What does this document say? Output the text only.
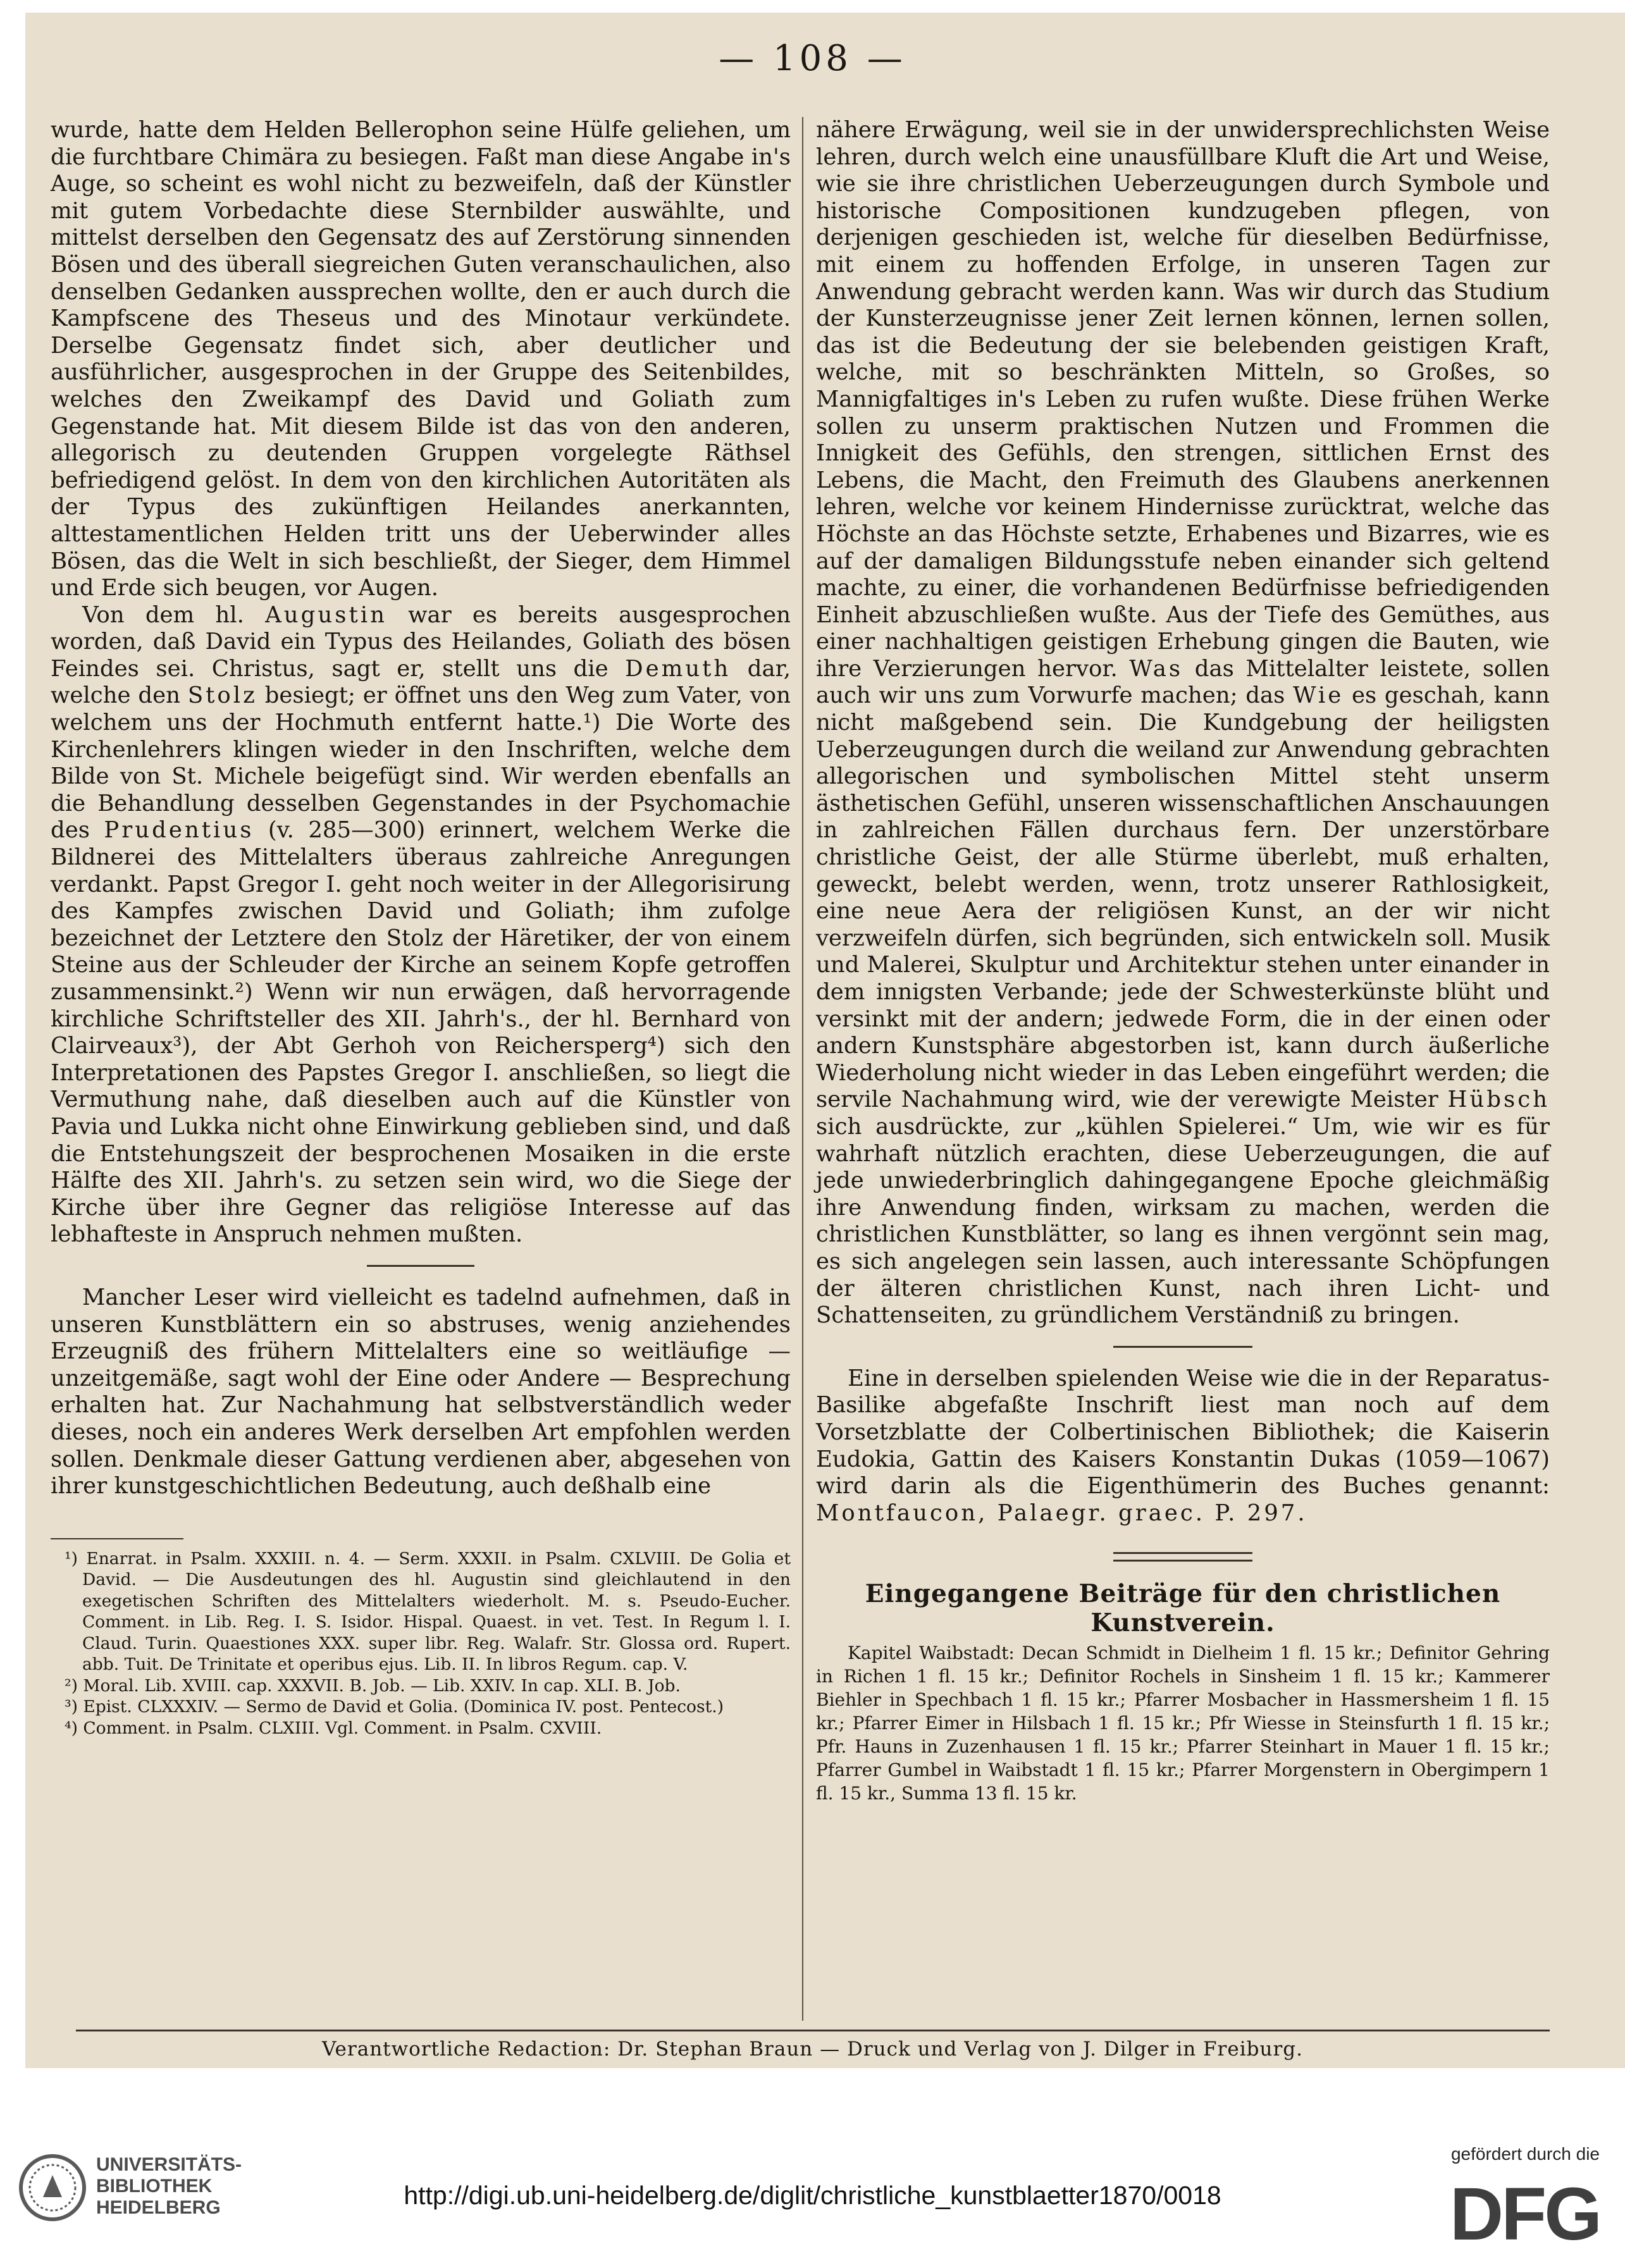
— 108 —

wurde, hatte dem Helden Bellerophon seine Hülfe geliehen, um die furchtbare Chimära zu besiegen. Faßt man diese Angabe in's Auge, so scheint es wohl nicht zu bezweifeln, daß der Künstler mit gutem Vorbedachte diese Sternbilder auswählte, und mittelst derselben den Gegensatz des auf Zerstörung sinnenden Bösen und des überall siegreichen Guten veranschaulichen, also denselben Gedanken aussprechen wollte, den er auch durch die Kampfscene des Theseus und des Minotaur verkündete. Derselbe Gegensatz findet sich, aber deutlicher und ausführlicher, ausgesprochen in der Gruppe des Seitenbildes, welches den Zweikampf des David und Goliath zum Gegenstande hat. Mit diesem Bilde ist das von den anderen, allegorisch zu deutenden Gruppen vorgelegte Räthsel befriedigend gelöst. In dem von den kirchlichen Autoritäten als der Typus des zukünftigen Heilandes anerkannten, alttestamentlichen Helden tritt uns der Ueberwinder alles Bösen, das die Welt in sich beschließt, der Sieger, dem Himmel und Erde sich beugen, vor Augen.

Von dem hl. Augustin war es bereits ausgesprochen worden, daß David ein Typus des Heilandes, Goliath des bösen Feindes sei. Christus, sagt er, stellt uns die Demuth dar, welche den Stolz besiegt; er öffnet uns den Weg zum Vater, von welchem uns der Hochmuth entfernt hatte.¹) Die Worte des Kirchenlehrers klingen wieder in den Inschriften, welche dem Bilde von St. Michele beigefügt sind. Wir werden ebenfalls an die Behandlung desselben Gegenstandes in der Psychomachie des Prudentius (v. 285—300) erinnert, welchem Werke die Bildnerei des Mittelalters überaus zahlreiche Anregungen verdankt. Papst Gregor I. geht noch weiter in der Allegorisirung des Kampfes zwischen David und Goliath; ihm zufolge bezeichnet der Letztere den Stolz der Häretiker, der von einem Steine aus der Schleuder der Kirche an seinem Kopfe getroffen zusammensinkt.²) Wenn wir nun erwägen, daß hervorragende kirchliche Schriftsteller des XII. Jahrh's., der hl. Bernhard von Clairveaux³), der Abt Gerhoh von Reichersperg⁴) sich den Interpretationen des Papstes Gregor I. anschließen, so liegt die Vermuthung nahe, daß dieselben auch auf die Künstler von Pavia und Lukka nicht ohne Einwirkung geblieben sind, und daß die Entstehungszeit der besprochenen Mosaiken in die erste Hälfte des XII. Jahrh's. zu setzen sein wird, wo die Siege der Kirche über ihre Gegner das religiöse Interesse auf das lebhafteste in Anspruch nehmen mußten.

Mancher Leser wird vielleicht es tadelnd aufnehmen, daß in unseren Kunstblättern ein so abstruses, wenig anziehendes Erzeugniß des frühern Mittelalters eine so weitläufige — unzeitgemäße, sagt wohl der Eine oder Andere — Besprechung erhalten hat. Zur Nachahmung hat selbstverständlich weder dieses, noch ein anderes Werk derselben Art empfohlen werden sollen. Denkmale dieser Gattung verdienen aber, abgesehen von ihrer kunstgeschichtlichen Bedeutung, auch deßhalb eine

¹) Enarrat. in Psalm. XXXIII. n. 4. — Serm. XXXII. in Psalm. CXLVIII. De Golia et David. — Die Ausdeutungen des hl. Augustin sind gleichlautend in den exegetischen Schriften des Mittelalters wiederholt. M. s. Pseudo-Eucher. Comment. in Lib. Reg. I. S. Isidor. Hispal. Quaest. in vet. Test. In Regum l. I. Claud. Turin. Quaestiones XXX. super libr. Reg. Walafr. Str. Glossa ord. Rupert. abb. Tuit. De Trinitate et operibus ejus. Lib. II. In libros Regum. cap. V.

²) Moral. Lib. XVIII. cap. XXXVII. B. Job. — Lib. XXIV. In cap. XLI. B. Job.

³) Epist. CLXXXIV. — Sermo de David et Golia. (Dominica IV. post. Pentecost.)

⁴) Comment. in Psalm. CLXIII. Vgl. Comment. in Psalm. CXVIII.

nähere Erwägung, weil sie in der unwidersprechlichsten Weise lehren, durch welch eine unausfüllbare Kluft die Art und Weise, wie sie ihre christlichen Ueberzeugungen durch Symbole und historische Compositionen kundzugeben pflegen, von derjenigen geschieden ist, welche für dieselben Bedürfnisse, mit einem zu hoffenden Erfolge, in unseren Tagen zur Anwendung gebracht werden kann. Was wir durch das Studium der Kunsterzeugnisse jener Zeit lernen können, lernen sollen, das ist die Bedeutung der sie belebenden geistigen Kraft, welche, mit so beschränkten Mitteln, so Großes, so Mannigfaltiges in's Leben zu rufen wußte. Diese frühen Werke sollen zu unserm praktischen Nutzen und Frommen die Innigkeit des Gefühls, den strengen, sittlichen Ernst des Lebens, die Macht, den Freimuth des Glaubens anerkennen lehren, welche vor keinem Hindernisse zurücktrat, welche das Höchste an das Höchste setzte, Erhabenes und Bizarres, wie es auf der damaligen Bildungsstufe neben einander sich geltend machte, zu einer, die vorhandenen Bedürfnisse befriedigenden Einheit abzuschließen wußte. Aus der Tiefe des Gemüthes, aus einer nachhaltigen geistigen Erhebung gingen die Bauten, wie ihre Verzierungen hervor. Was das Mittelalter leistete, sollen auch wir uns zum Vorwurfe machen; das Wie es geschah, kann nicht maßgebend sein. Die Kundgebung der heiligsten Ueberzeugungen durch die weiland zur Anwendung gebrachten allegorischen und symbolischen Mittel steht unserm ästhetischen Gefühl, unseren wissenschaftlichen Anschauungen in zahlreichen Fällen durchaus fern. Der unzerstörbare christliche Geist, der alle Stürme überlebt, muß erhalten, geweckt, belebt werden, wenn, trotz unserer Rathlosigkeit, eine neue Aera der religiösen Kunst, an der wir nicht verzweifeln dürfen, sich begründen, sich entwickeln soll. Musik und Malerei, Skulptur und Architektur stehen unter einander in dem innigsten Verbande; jede der Schwesterkünste blüht und versinkt mit der andern; jedwede Form, die in der einen oder andern Kunstsphäre abgestorben ist, kann durch äußerliche Wiederholung nicht wieder in das Leben eingeführt werden; die servile Nachahmung wird, wie der verewigte Meister Hübsch sich ausdrückte, zur „kühlen Spielerei.“ Um, wie wir es für wahrhaft nützlich erachten, diese Ueberzeugungen, die auf jede unwiederbringlich dahingegangene Epoche gleichmäßig ihre Anwendung finden, wirksam zu machen, werden die christlichen Kunstblätter, so lang es ihnen vergönnt sein mag, es sich angelegen sein lassen, auch interessante Schöpfungen der älteren christlichen Kunst, nach ihren Licht- und Schattenseiten, zu gründlichem Verständniß zu bringen.

Eine in derselben spielenden Weise wie die in der Reparatus-Basilike abgefaßte Inschrift liest man noch auf dem Vorsetzblatte der Colbertinischen Bibliothek; die Kaiserin Eudokia, Gattin des Kaisers Konstantin Dukas (1059—1067) wird darin als die Eigenthümerin des Buches genannt: Montfaucon, Palaegr. graec. P. 297.

Eingegangene Beiträge für den christlichen Kunstverein.

Kapitel Waibstadt: Decan Schmidt in Dielheim 1 fl. 15 kr.; Definitor Gehring in Richen 1 fl. 15 kr.; Definitor Rochels in Sinsheim 1 fl. 15 kr.; Kammerer Biehler in Spechbach 1 fl. 15 kr.; Pfarrer Mosbacher in Hassmersheim 1 fl. 15 kr.; Pfarrer Eimer in Hilsbach 1 fl. 15 kr.; Pfr Wiesse in Steinsfurth 1 fl. 15 kr.; Pfr. Hauns in Zuzenhausen 1 fl. 15 kr.; Pfarrer Steinhart in Mauer 1 fl. 15 kr.; Pfarrer Gumbel in Waibstadt 1 fl. 15 kr.; Pfarrer Morgenstern in Obergimpern 1 fl. 15 kr., Summa 13 fl. 15 kr.

Verantwortliche Redaction: Dr. Stephan Braun — Druck und Verlag von J. Dilger in Freiburg.
UNIVERSITÄTS-
BIBLIOTHEK
HEIDELBERG	http://digi.ub.uni-heidelberg.de/diglit/christliche_kunstblaetter1870/0018
gefördert durch die
DFG
